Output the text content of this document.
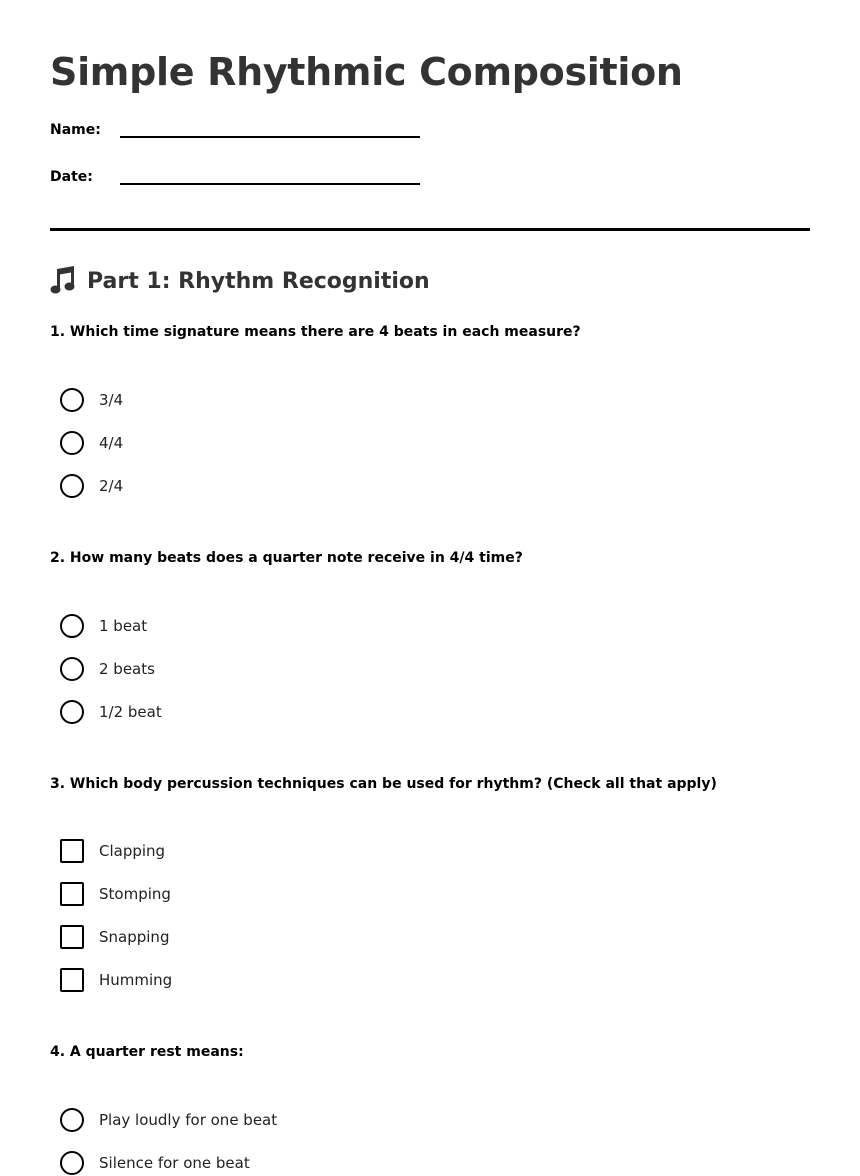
Simple Rhythmic Composition
Name:
Date:
Part 1: Rhythm Recognition

1. Which time signature means there are 4 beats in each measure?

3/4
4/4
2/4

2. How many beats does a quarter note receive in 4/4 time?

1 beat
2 beats
1/2 beat

3. Which body percussion techniques can be used for rhythm? (Check all that apply)

Clapping
Stomping
Snapping
Humming

4. A quarter rest means:

Play loudly for one beat
Silence for one beat
